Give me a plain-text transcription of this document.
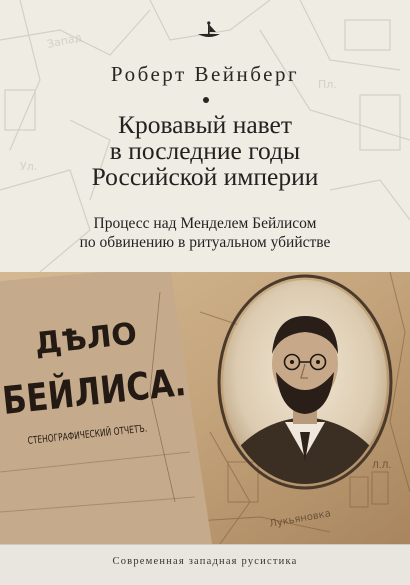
Запад
Пл.
Ул.
Роберт Вейнберг
Кровавый навет
в последние годы
Российской империи
Процесс над Менделем Бейлисом
по обвинению в ритуальном убийстве
Лукьяновка
Л.Л.
ДѢЛО
БЕЙЛИСА.
СТЕНОГРАФИЧЕСКИЙ ОТЧЕТЪ.
Современная западная русистика
